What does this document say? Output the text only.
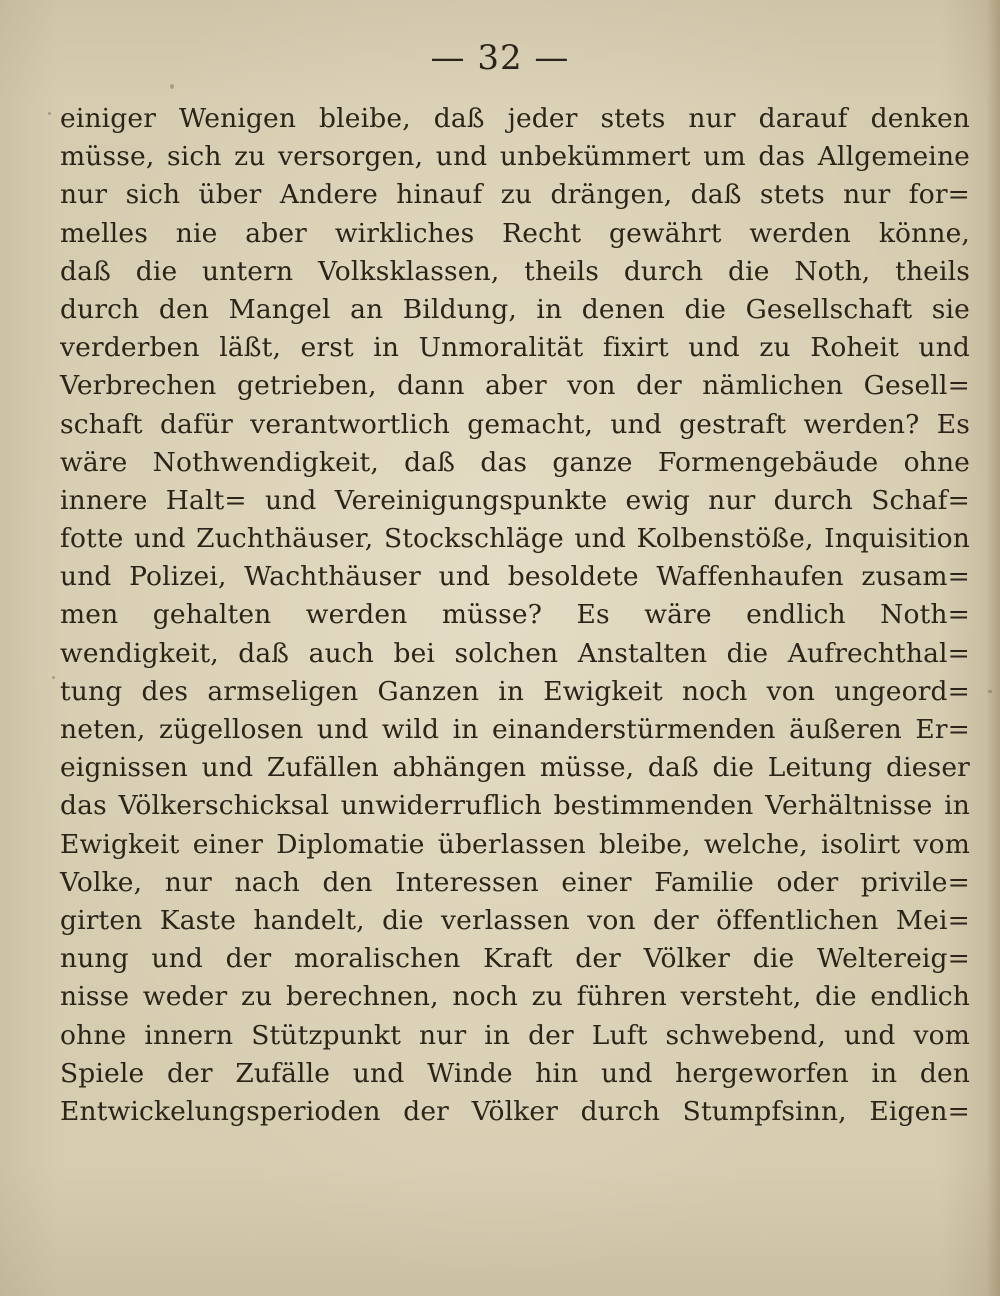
— 32 —
einiger Wenigen bleibe, daß jeder stets nur darauf denken
müsse, sich zu versorgen, und unbekümmert um das Allgemeine
nur sich über Andere hinauf zu drängen, daß stets nur for=
melles nie aber wirkliches Recht gewährt werden könne,
daß die untern Volksklassen, theils durch die Noth, theils
durch den Mangel an Bildung, in denen die Gesellschaft sie
verderben läßt, erst in Unmoralität fixirt und zu Roheit und
Verbrechen getrieben, dann aber von der nämlichen Gesell=
schaft dafür verantwortlich gemacht, und gestraft werden? Es
wäre Nothwendigkeit, daß das ganze Formengebäude ohne
innere Halt= und Vereinigungspunkte ewig nur durch Schaf=
fotte und Zuchthäuser, Stockschläge und Kolbenstöße, Inquisition
und Polizei, Wachthäuser und besoldete Waffenhaufen zusam=
men gehalten werden müsse? Es wäre endlich Noth=
wendigkeit, daß auch bei solchen Anstalten die Aufrechthal=
tung des armseligen Ganzen in Ewigkeit noch von ungeord=
neten, zügellosen und wild in einanderstürmenden äußeren Er=
eignissen und Zufällen abhängen müsse, daß die Leitung dieser
das Völkerschicksal unwiderruflich bestimmenden Verhältnisse in
Ewigkeit einer Diplomatie überlassen bleibe, welche, isolirt vom
Volke, nur nach den Interessen einer Familie oder privile=
girten Kaste handelt, die verlassen von der öffentlichen Mei=
nung und der moralischen Kraft der Völker die Weltereig=
nisse weder zu berechnen, noch zu führen versteht, die endlich
ohne innern Stützpunkt nur in der Luft schwebend, und vom
Spiele der Zufälle und Winde hin und hergeworfen in den
Entwickelungsperioden der Völker durch Stumpfsinn, Eigen=
